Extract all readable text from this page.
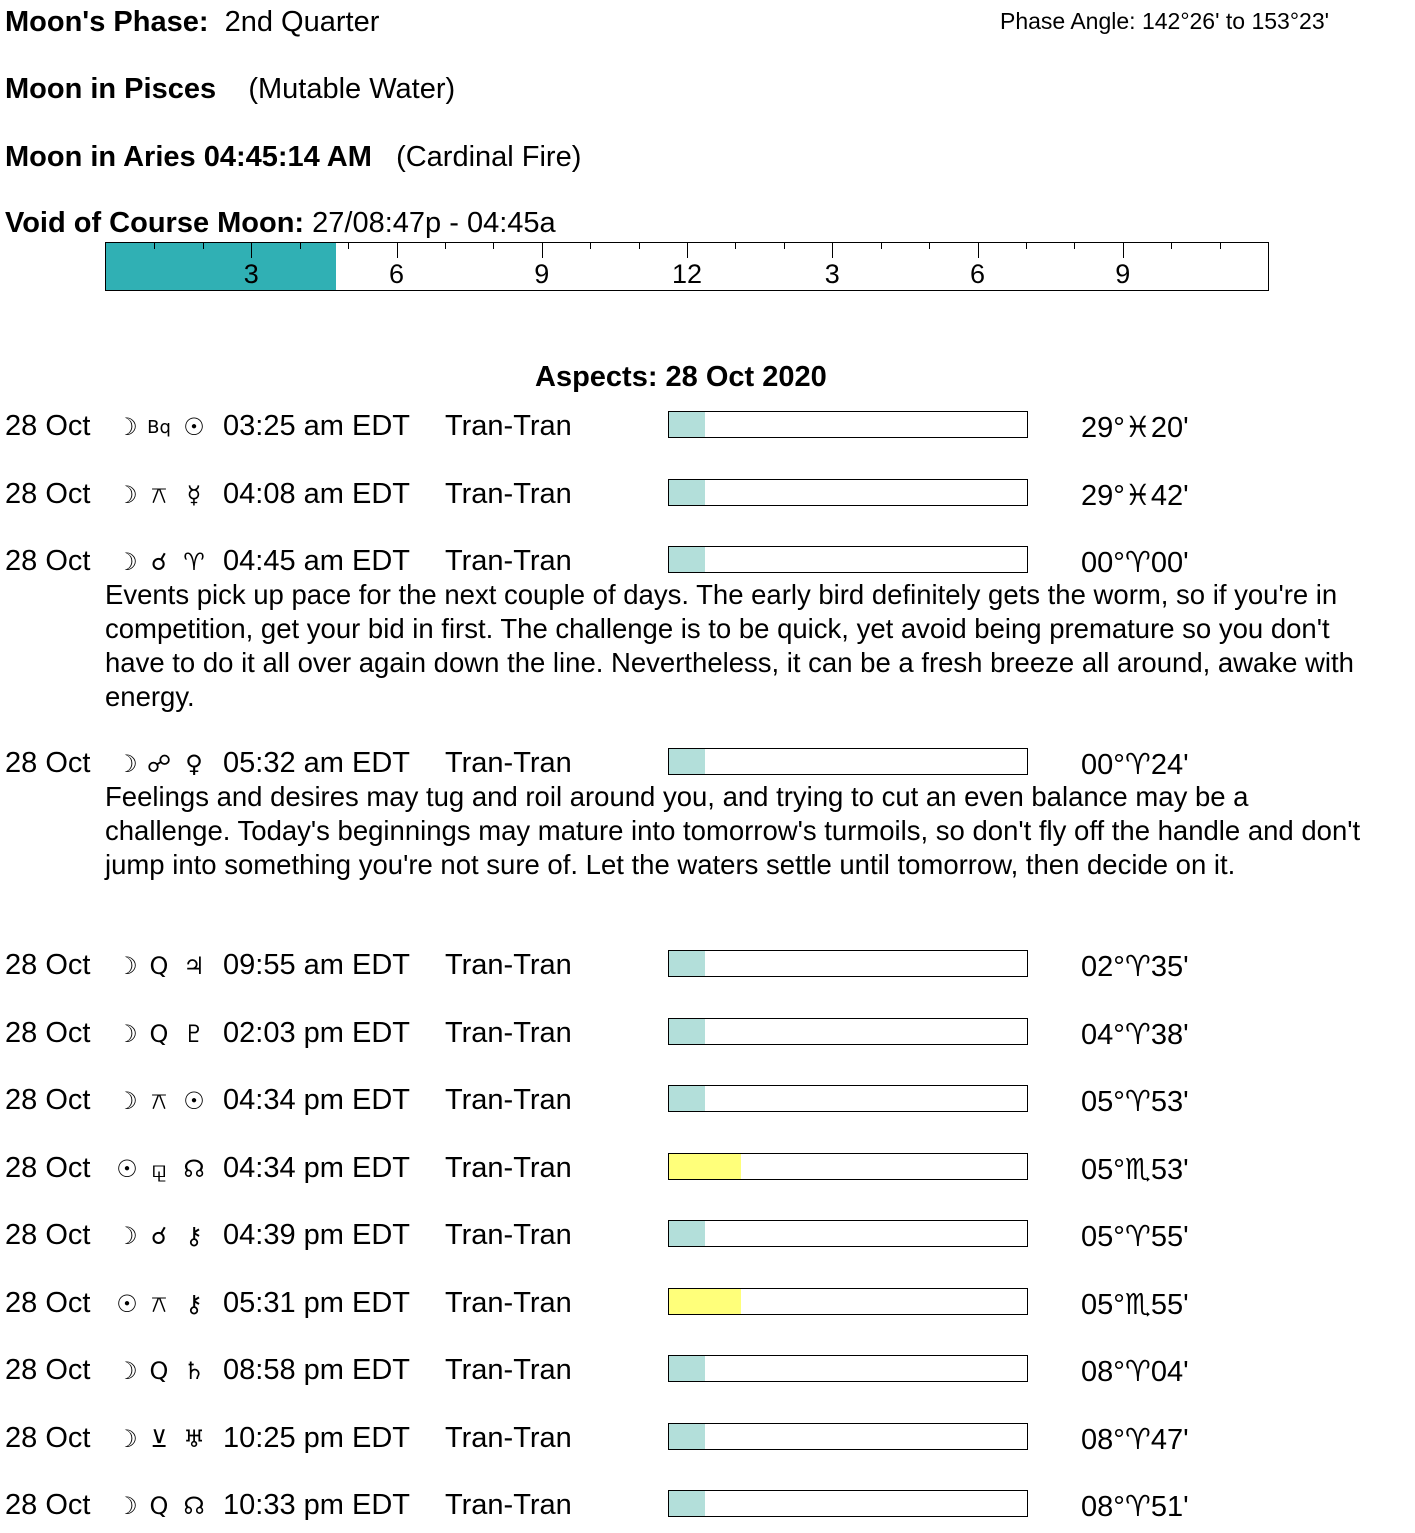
Moon's Phase: 2nd Quarter	Phase Angle: 142°26' to 153°23'
Moon in Pisces (Mutable Water)
Moon in Aries 04:45:14 AM (Cardinal Fire)
Void of Course Moon: 27/08:47p - 04:45a
3	6	9	12	3	6	9
Aspects: 28 Oct 2020
28 Oct ☽ Bq ☉ 03:25 am EDT Tran-Tran	29°♓20'
28 Oct ☽ ⚻ ☿ 04:08 am EDT Tran-Tran	29°♓42'
28 Oct ☽ ☌ ♈ 04:45 am EDT Tran-Tran	00°♈00'
Events pick up pace for the next couple of days. The early bird definitely gets the worm, so if you're in competition, get your bid in first. The challenge is to be quick, yet avoid being premature so you don't have to do it all over again down the line. Nevertheless, it can be a fresh breeze all around, awake with energy.
28 Oct ☽ ☍ ♀ 05:32 am EDT Tran-Tran	00°♈24'
Feelings and desires may tug and roil around you, and trying to cut an even balance may be a challenge. Today's beginnings may mature into tomorrow's turmoils, so don't fly off the handle and don't jump into something you're not sure of. Let the waters settle until tomorrow, then decide on it.
28 Oct ☽ Q ♃ 09:55 am EDT Tran-Tran	02°♈35'
28 Oct ☽ Q ♇ 02:03 pm EDT Tran-Tran	04°♈38'
28 Oct ☽ ⚻ ☉ 04:34 pm EDT Tran-Tran	05°♈53'
28 Oct ☉ ⚼ ☊ 04:34 pm EDT Tran-Tran	05°♏53'
28 Oct ☽ ☌ ⚷ 04:39 pm EDT Tran-Tran	05°♈55'
28 Oct ☉ ⚻ ⚷ 05:31 pm EDT Tran-Tran	05°♏55'
28 Oct ☽ Q ♄ 08:58 pm EDT Tran-Tran	08°♈04'
28 Oct ☽ ⊻ ♅ 10:25 pm EDT Tran-Tran	08°♈47'
28 Oct ☽ Q ☊ 10:33 pm EDT Tran-Tran	08°♈51'
